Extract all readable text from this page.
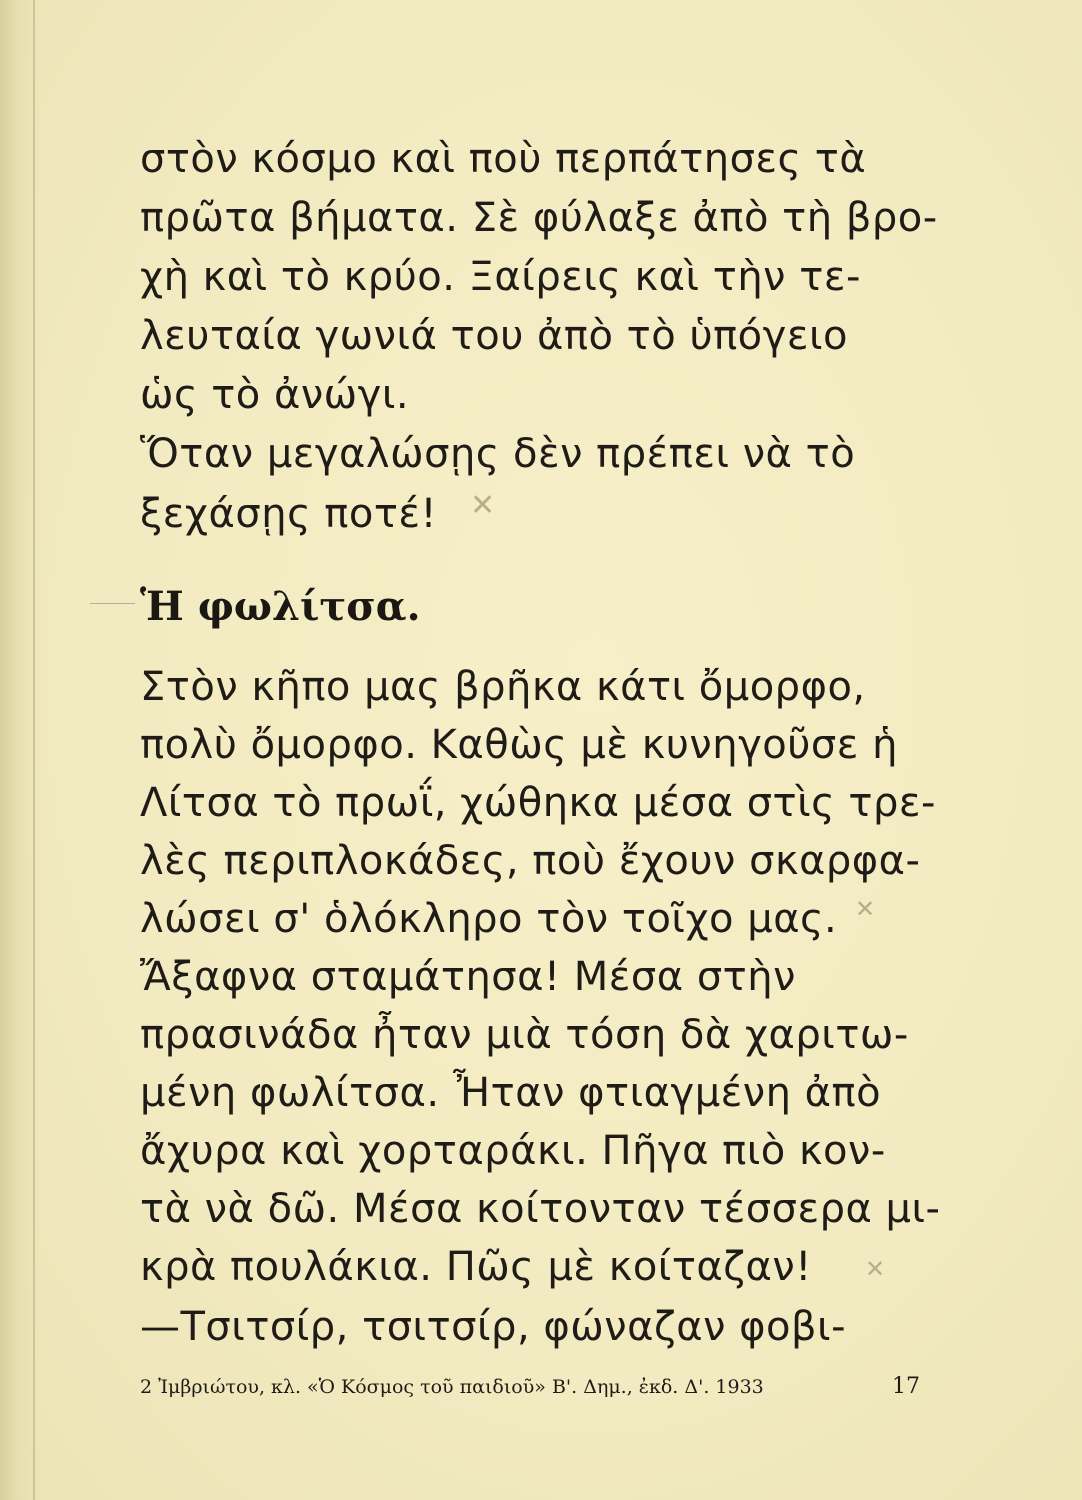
στὸν κόσμο καὶ ποὺ περπάτησες τὰ
πρῶτα βήματα. Σὲ φύλαξε ἀπὸ τὴ βρο-
χὴ καὶ τὸ κρύο. Ξαίρεις καὶ τὴν τε-
λευταία γωνιά του ἀπὸ τὸ ὑπόγειο
ὡς τὸ ἀνώγι.
Ὅταν μεγαλώσῃς δὲν πρέπει νὰ τὸ
ξεχάσῃς ποτέ!
Ἡ φωλίτσα.
Στὸν κῆπο μας βρῆκα κάτι ὄμορφο,
πολὺ ὄμορφο. Καθὼς μὲ κυνηγοῦσε ἡ
Λίτσα τὸ πρωΐ, χώθηκα μέσα στὶς τρε-
λὲς περιπλοκάδες, ποὺ ἔχουν σκαρφα-
λώσει σ' ὁλόκληρο τὸν τοῖχο μας.
Ἄξαφνα σταμάτησα! Μέσα στὴν
πρασινάδα ἦταν μιὰ τόση δὰ χαριτω-
μένη φωλίτσα. Ἦταν φτιαγμένη ἀπὸ
ἄχυρα καὶ χορταράκι. Πῆγα πιὸ κον-
τὰ νὰ δῶ. Μέσα κοίτονταν τέσσερα μι-
κρὰ πουλάκια. Πῶς μὲ κοίταζαν!
—Τσιτσίρ, τσιτσίρ, φώναζαν φοβι-
✕
✕
✕
2 Ἰμβριώτου, κλ. «Ὁ Κόσμος τοῦ παιδιοῦ» Β'. Δημ., ἐκδ. Δ'. 1933	17
